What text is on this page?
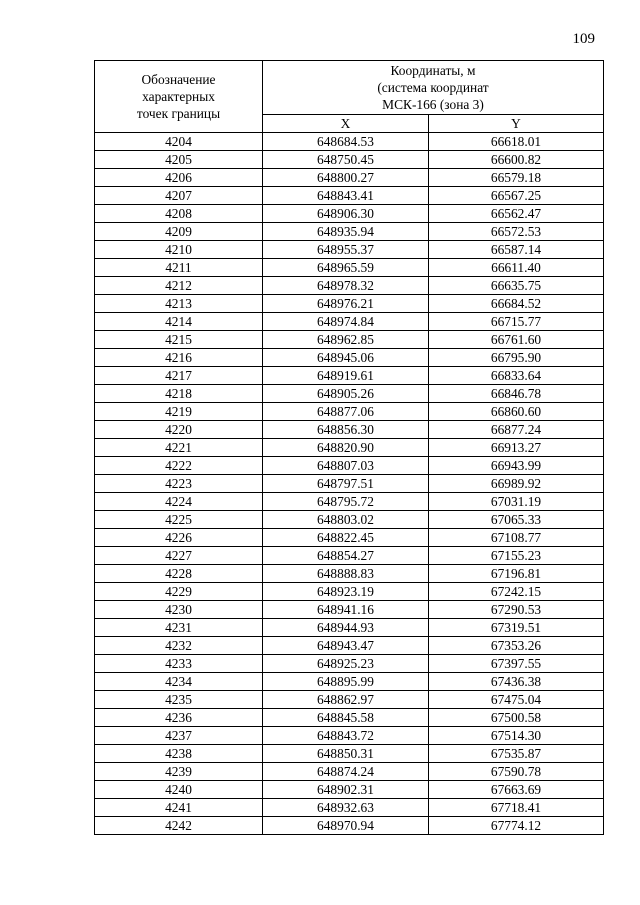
109
Обозначение
характерных
точек границы	Координаты, м
(система координат
МСК-166 (зона 3)	
	X	Y
4204	648684.53	66618.01
4205	648750.45	66600.82
4206	648800.27	66579.18
4207	648843.41	66567.25
4208	648906.30	66562.47
4209	648935.94	66572.53
4210	648955.37	66587.14
4211	648965.59	66611.40
4212	648978.32	66635.75
4213	648976.21	66684.52
4214	648974.84	66715.77
4215	648962.85	66761.60
4216	648945.06	66795.90
4217	648919.61	66833.64
4218	648905.26	66846.78
4219	648877.06	66860.60
4220	648856.30	66877.24
4221	648820.90	66913.27
4222	648807.03	66943.99
4223	648797.51	66989.92
4224	648795.72	67031.19
4225	648803.02	67065.33
4226	648822.45	67108.77
4227	648854.27	67155.23
4228	648888.83	67196.81
4229	648923.19	67242.15
4230	648941.16	67290.53
4231	648944.93	67319.51
4232	648943.47	67353.26
4233	648925.23	67397.55
4234	648895.99	67436.38
4235	648862.97	67475.04
4236	648845.58	67500.58
4237	648843.72	67514.30
4238	648850.31	67535.87
4239	648874.24	67590.78
4240	648902.31	67663.69
4241	648932.63	67718.41
4242	648970.94	67774.12
